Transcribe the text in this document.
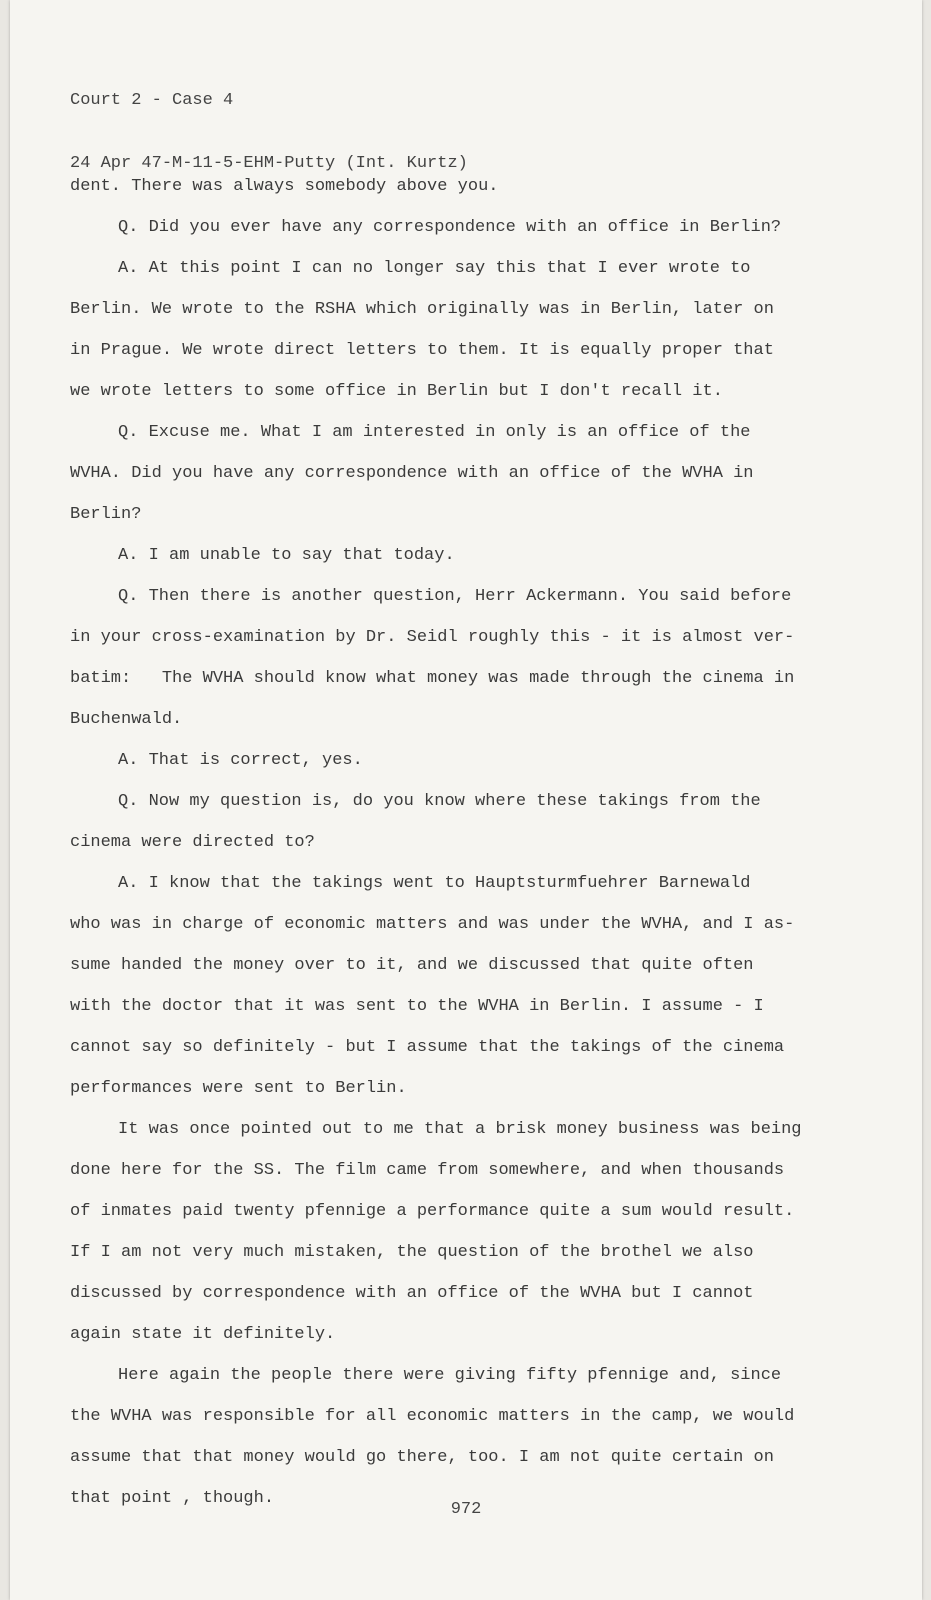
Court 2 - Case 4

24 Apr 47-M-11-5-EHM-Putty (Int. Kurtz)

dent. There was always somebody above you.

Q. Did you ever have any correspondence with an office in Berlin?

A. At this point I can no longer say this that I ever wrote to

Berlin. We wrote to the RSHA which originally was in Berlin, later on

in Prague. We wrote direct letters to them. It is equally proper that

we wrote letters to some office in Berlin but I don't recall it.

Q. Excuse me. What I am interested in only is an office of the

WVHA. Did you have any correspondence with an office of the WVHA in

Berlin?

A. I am unable to say that today.

Q. Then there is another question, Herr Ackermann. You said before

in your cross-examination by Dr. Seidl roughly this - it is almost ver-

batim:   The WVHA should know what money was made through the cinema in

Buchenwald.

A. That is correct, yes.

Q. Now my question is, do you know where these takings from the

cinema were directed to?

A. I know that the takings went to Hauptsturmfuehrer Barnewald

who was in charge of economic matters and was under the WVHA, and I as-

sume handed the money over to it, and we discussed that quite often

with the doctor that it was sent to the WVHA in Berlin. I assume - I

cannot say so definitely - but I assume that the takings of the cinema

performances were sent to Berlin.

It was once pointed out to me that a brisk money business was being

done here for the SS. The film came from somewhere, and when thousands

of inmates paid twenty pfennige a performance quite a sum would result.

If I am not very much mistaken, the question of the brothel we also

discussed by correspondence with an office of the WVHA but I cannot

again state it definitely.

Here again the people there were giving fifty pfennige and, since

the WVHA was responsible for all economic matters in the camp, we would

assume that that money would go there, too. I am not quite certain on

that point , though.

972
